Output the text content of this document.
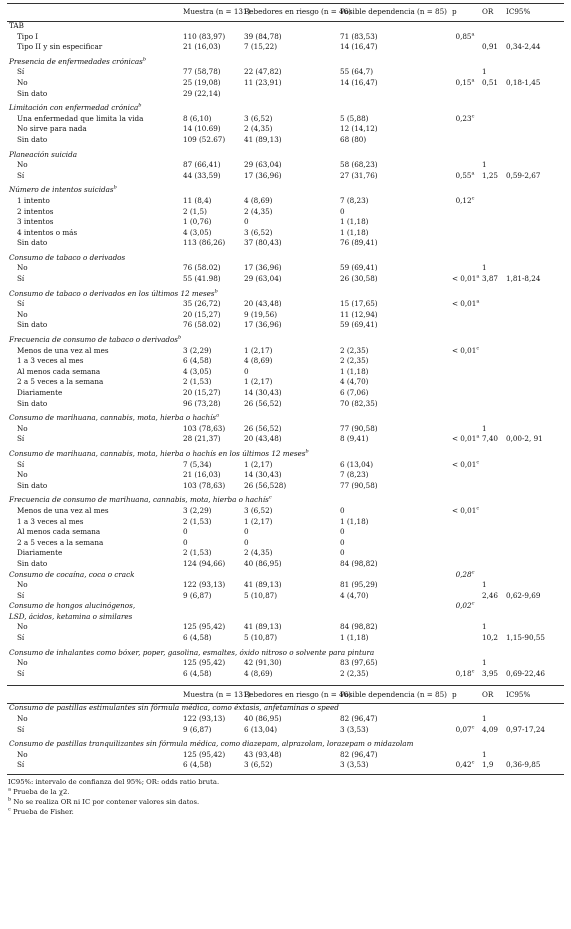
	Muestra (n = 131)	Bebedores en riesgo (n = 46)	Posible dependencia (n = 85)	p	OR	IC95%
TAB						
Tipo I	110 (83,97)	39 (84,78)	71 (83,53)	0,85$^a$		
Tipo II y sin especificar	21 (16,03)	7 (15,22)	14 (16,47)		0,91	0,34-2,44

Presencia de enfermedades crónicas$^b$
Sí	77 (58,78)	22 (47,82)	55 (64,7)		1	
No	25 (19,08)	11 (23,91)	14 (16,47)	0,15$^a$	0,51	0,18-1,45
Sin dato	29 (22,14)					

Limitación con enfermedad crónica$^b$
Una enfermedad que limita la vida	8 (6,10)	3 (6,52)	5 (5,88)	0,23$^c$		
No sirve para nada	14 (10.69)	2 (4,35)	12 (14,12)			
Sin dato	109 (52.67)	41 (89,13)	68 (80)			

Planeación suicida						
No	87 (66,41)	29 (63,04)	58 (68,23)		1	
Sí	44 (33,59)	17 (36,96)	27 (31,76)	0,55$^a$	1,25	0,59-2,67

Número de intentos suicidas$^b$
1 intento	11 (8,4)	4 (8,69)	7 (8,23)	0,12$^c$		
2 intentos	2 (1,5)	2 (4,35)	0			
3 intentos	1 (0,76)	0	1 (1,18)			
4 intentos o más	4 (3,05)	3 (6,52)	1 (1,18)			
Sin dato	113 (86,26)	37 (80,43)	76 (89,41)			

Consumo de tabaco o derivados						
No	76 (58.02)	17 (36,96)	59 (69,41)		1	
Sí	55 (41.98)	29 (63,04)	26 (30,58)	< 0,01$^a$	3,87	1,81-8,24

Consumo de tabaco o derivados en los últimos 12 meses$^b$
Sí	35 (26,72)	20 (43,48)	15 (17,65)	< 0,01$^a$		
No	20 (15,27)	9 (19,56)	11 (12,94)			
Sin dato	76 (58.02)	17 (36,96)	59 (69,41)			

Frecuencia de consumo de tabaco o derivados$^b$
Menos de una vez al mes	3 (2,29)	1 (2,17)	2 (2,35)	< 0,01$^c$		
1 a 3 veces al mes	6 (4,58)	4 (8,69)	2 (2,35)			
Al menos cada semana	4 (3,05)	0	1 (1,18)			
2 a 5 veces a la semana	2 (1,53)	1 (2,17)	4 (4,70)			
Diariamente	20 (15,27)	14 (30,43)	6 (7,06)			
Sin dato	96 (73,28)	26 (56,52)	70 (82,35)			

Consumo de marihuana, cannabis, mota, hierba o hachís$^a$
No	103 (78,63)	26 (56,52)	77 (90,58)		1	
Sí	28 (21,37)	20 (43,48)	8 (9,41)	< 0,01$^a$	7,40	0,00-2, 91

Consumo de marihuana, cannabis, mota, hierba o hachís en los últimos 12 meses$^b$
Sí	7 (5,34)	1 (2,17)	6 (13,04)	< 0,01$^c$		
No	21 (16,03)	14 (30,43)	7 (8,23)			
Sin dato	103 (78,63)	26 (56,528)	77 (90,58)			

Frecuencia de consumo de marihuana, cannabis, mota, hierba o hachís$^c$
Menos de una vez al mes	3 (2,29)	3 (6,52)	0	< 0,01$^c$		
1 a 3 veces al mes	2 (1,53)	1 (2,17)	1 (1,18)			
Al menos cada semana	0	0	0			
2 a 5 veces a la semana	0	0	0			
Diariamente	2 (1,53)	2 (4,35)	0			
Sin dato	124 (94,66)	40 (86,95)	84 (98,82)			
Consumo de cocaína, coca o crack				0,28$^c$		
No	122 (93,13)	41 (89,13)	81 (95,29)		1	
Sí	9 (6,87)	5 (10,87)	4 (4,70)		2,46	0,62-9,69
Consumo de hongos alucinógenos,				0,02$^c$		
LSD, ácidos, ketamina o similares						
No	125 (95,42)	41 (89,13)	84 (98,82)		1	
Sí	6 (4,58)	5 (10,87)	1 (1,18)		10,2	1,15-90,55

Consumo de inhalantes como bóxer, poper, gasolina, esmaltes, óxido nitroso o solvente para pintura						
No	125 (95,42)	42 (91,30)	83 (97,65)		1	
Sí	6 (4,58)	4 (8,69)	2 (2,35)	0,18$^c$	3,95	0,69-22,46
	Muestra (n = 131)	Bebedores en riesgo (n = 46)	Posible dependencia (n = 85)	p	OR	IC95%
Consumo de pastillas estimulantes sin fórmula médica, como éxtasis, anfetaminas o speed						
No	122 (93,13)	40 (86,95)	82 (96,47)		1	
Sí	9 (6,87)	6 (13,04)	3 (3,53)	0,07$^c$	4,09	0,97-17,24

Consumo de pastillas tranquilizantes sin fórmula médica, como diazepam, alprazolam, lorazepam o midazolam						
No	125 (95,42)	43 (93,48)	82 (96,47)		1	
Sí	6 (4,58)	3 (6,52)	3 (3,53)	0,42$^c$	1,9	0,36-9,85
IC95%: intervalo de confianza del 95%; OR: odds ratio bruta.
$^a$ Prueba de la χ2.
$^b$ No se realiza OR ni IC por contener valores sin datos.
$^c$ Prueba de Fisher.
